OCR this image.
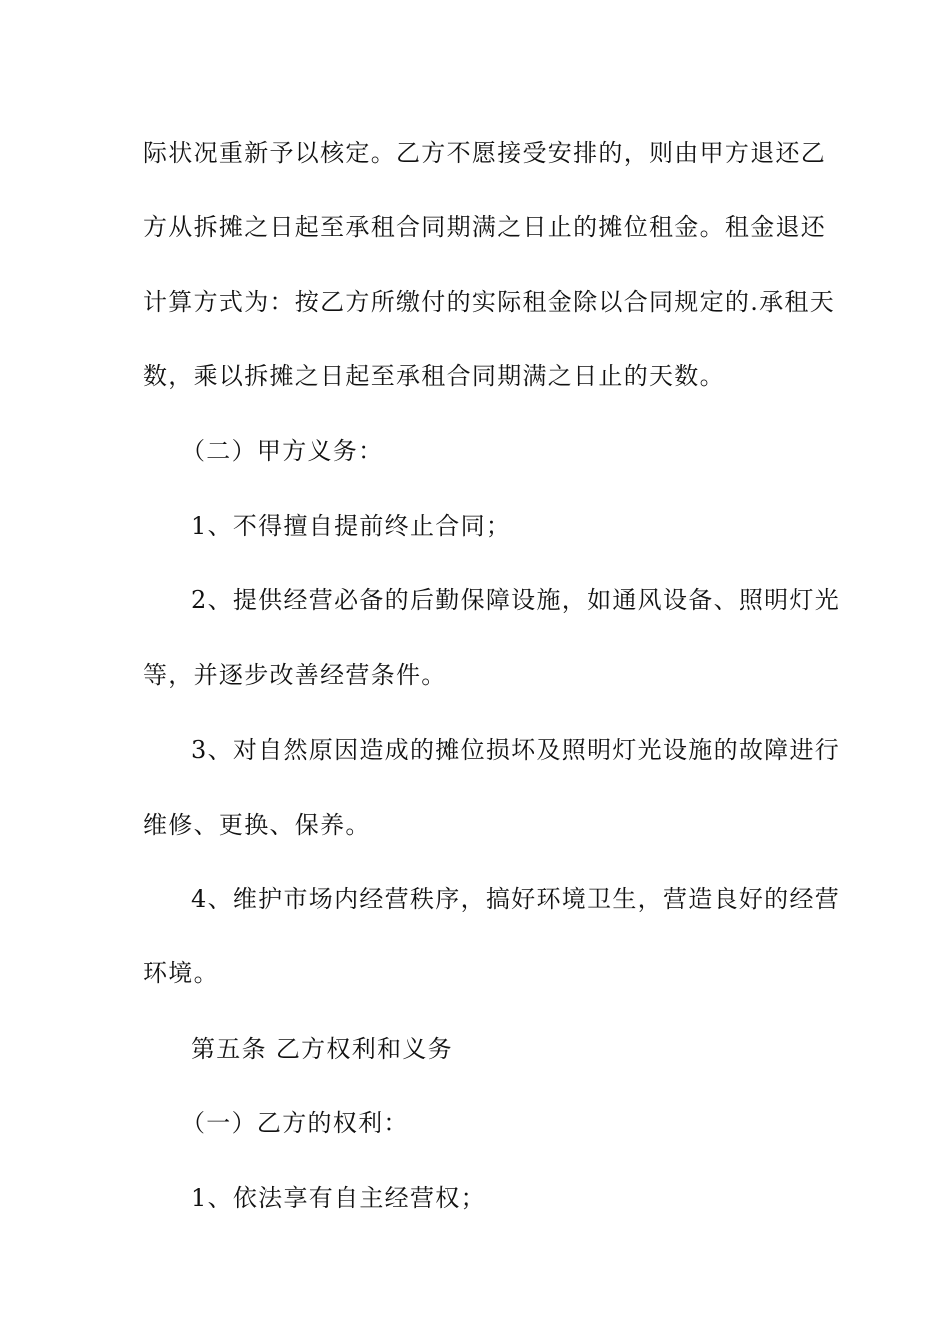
际状况重新予以核定。乙方不愿接受安排的，则由甲方退还乙
方从拆摊之日起至承租合同期满之日止的摊位租金。租金退还
计算方式为：按乙方所缴付的实际租金除以合同规定的.承租天
数，乘以拆摊之日起至承租合同期满之日止的天数。
（二）甲方义务：
1、不得擅自提前终止合同；
2、提供经营必备的后勤保障设施，如通风设备、照明灯光
等，并逐步改善经营条件。
3、对自然原因造成的摊位损坏及照明灯光设施的故障进行
维修、更换、保养。
4、维护市场内经营秩序，搞好环境卫生，营造良好的经营
环境。
第五条 乙方权利和义务
（一）乙方的权利：
1、依法享有自主经营权；
